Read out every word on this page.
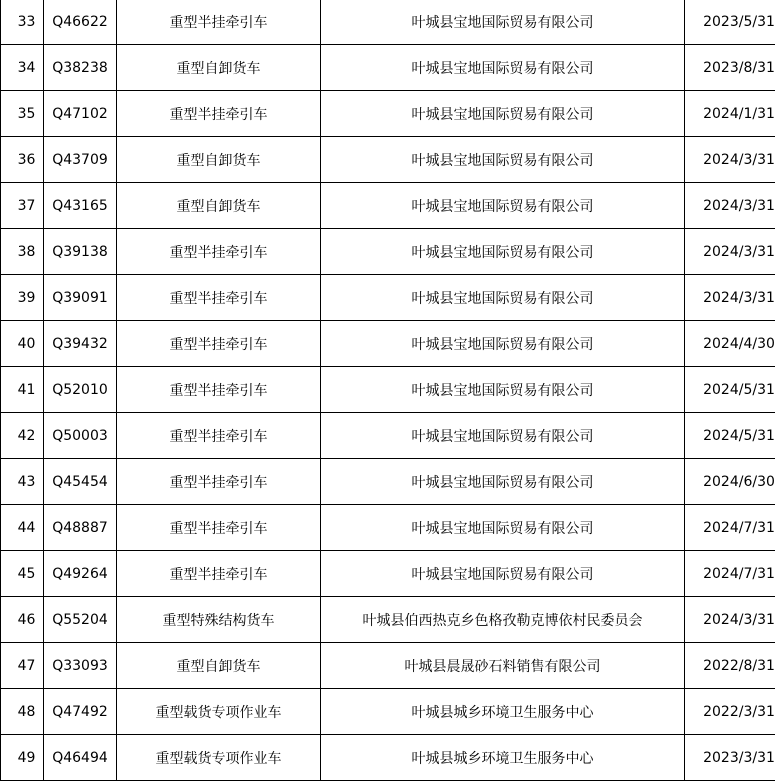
33	Q46622	重型半挂牵引车	叶城县宝地国际贸易有限公司	2023/5/31
34	Q38238	重型自卸货车	叶城县宝地国际贸易有限公司	2023/8/31
35	Q47102	重型半挂牵引车	叶城县宝地国际贸易有限公司	2024/1/31
36	Q43709	重型自卸货车	叶城县宝地国际贸易有限公司	2024/3/31
37	Q43165	重型自卸货车	叶城县宝地国际贸易有限公司	2024/3/31
38	Q39138	重型半挂牵引车	叶城县宝地国际贸易有限公司	2024/3/31
39	Q39091	重型半挂牵引车	叶城县宝地国际贸易有限公司	2024/3/31
40	Q39432	重型半挂牵引车	叶城县宝地国际贸易有限公司	2024/4/30
41	Q52010	重型半挂牵引车	叶城县宝地国际贸易有限公司	2024/5/31
42	Q50003	重型半挂牵引车	叶城县宝地国际贸易有限公司	2024/5/31
43	Q45454	重型半挂牵引车	叶城县宝地国际贸易有限公司	2024/6/30
44	Q48887	重型半挂牵引车	叶城县宝地国际贸易有限公司	2024/7/31
45	Q49264	重型半挂牵引车	叶城县宝地国际贸易有限公司	2024/7/31
46	Q55204	重型特殊结构货车	叶城县伯西热克乡色格孜勒克博依村民委员会	2024/3/31
47	Q33093	重型自卸货车	叶城县晨晟砂石料销售有限公司	2022/8/31
48	Q47492	重型载货专项作业车	叶城县城乡环境卫生服务中心	2022/3/31
49	Q46494	重型载货专项作业车	叶城县城乡环境卫生服务中心	2023/3/31
